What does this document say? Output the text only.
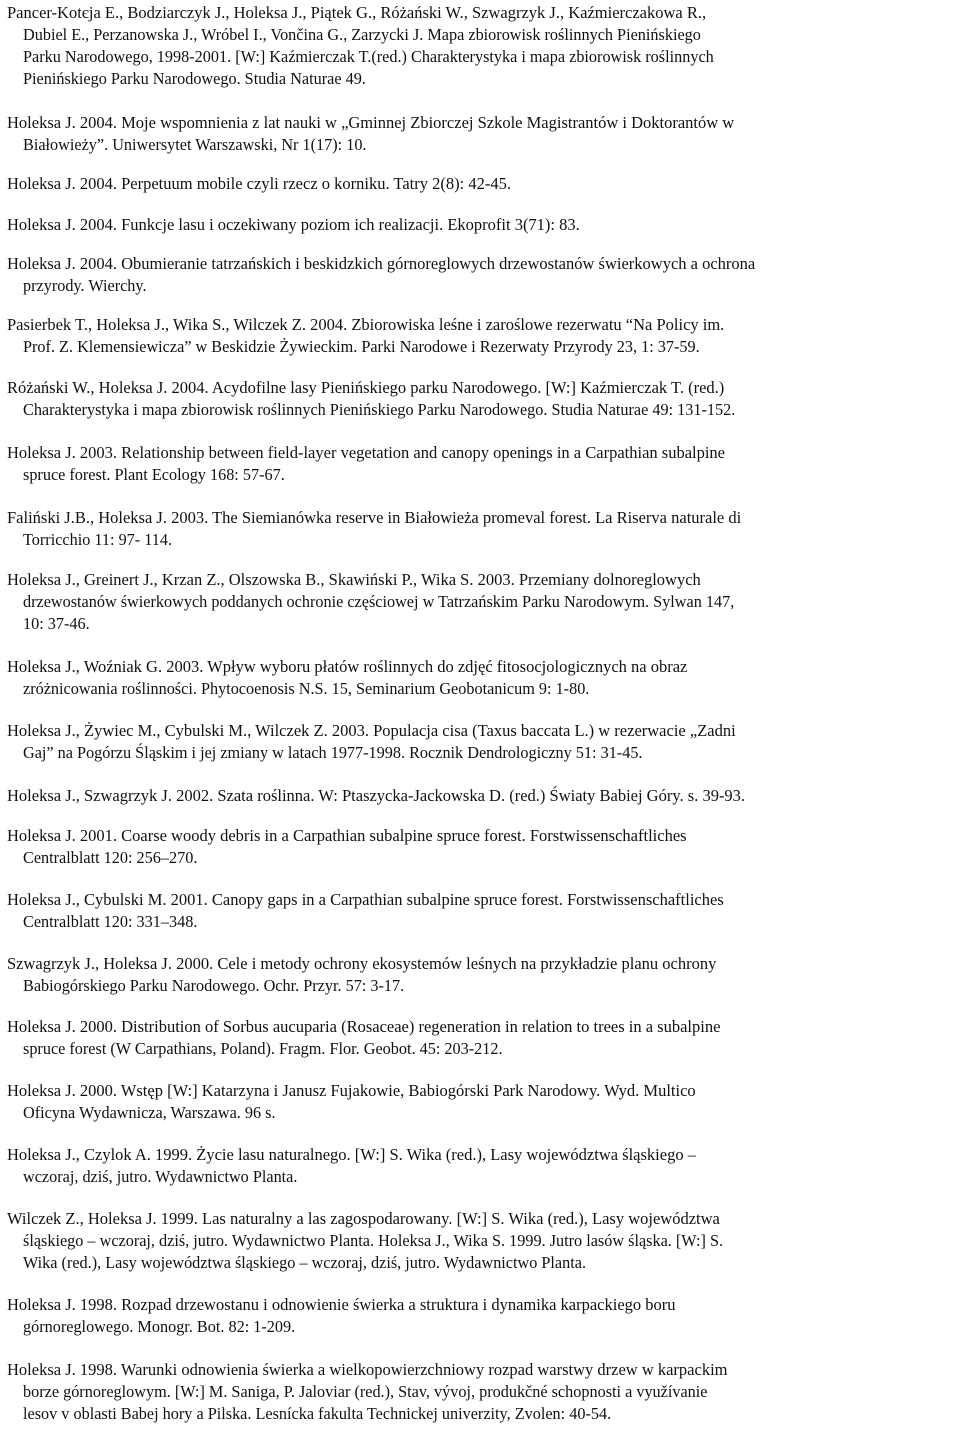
Pancer-Kotєja E., Bodziarczyk J., Holeksa J., Piątek G., Różański W., Szwagrzyk J., Kaźmierczakowa R.,
Dubiel E., Perzanowska J., Wróbel I., Vončina G., Zarzycki J. Mapa zbiorowisk roślinnych Pienińskiego
Parku Narodowego, 1998-2001. [W:] Kaźmierczak T.(red.) Charakterystyka i mapa zbiorowisk roślinnych
Pienińskiego Parku Narodowego. Studia Naturae 49.
Holeksa J. 2004. Moje wspomnienia z lat nauki w „Gminnej Zbiorczej Szkole Magistrantów i Doktorantów w
Białowieży”. Uniwersytet Warszawski, Nr 1(17): 10.
Holeksa J. 2004. Perpetuum mobile czyli rzecz o korniku. Tatry 2(8): 42-45.
Holeksa J. 2004. Funkcje lasu i oczekiwany poziom ich realizacji. Ekoprofit 3(71): 83.
Holeksa J. 2004. Obumieranie tatrzańskich i beskidzkich górnoreglowych drzewostanów świerkowych a ochrona
przyrody. Wierchy.
Pasierbek T., Holeksa J., Wika S., Wilczek Z. 2004. Zbiorowiska leśne i zaroślowe rezerwatu “Na Policy im.
Prof. Z. Klemensiewicza” w Beskidzie Żywieckim. Parki Narodowe i Rezerwaty Przyrody 23, 1: 37-59.
Różański W., Holeksa J. 2004. Acydofilne lasy Pienińskiego parku Narodowego. [W:] Kaźmierczak T. (red.)
Charakterystyka i mapa zbiorowisk roślinnych Pienińskiego Parku Narodowego. Studia Naturae 49: 131-152.
Holeksa J. 2003. Relationship between field-layer vegetation and canopy openings in a Carpathian subalpine
spruce forest. Plant Ecology 168: 57-67.
Faliński J.B., Holeksa J. 2003. The Siemianówka reserve in Białowieża promeval forest. La Riserva naturale di
Torricchio 11: 97- 114.
Holeksa J., Greinert J., Krzan Z., Olszowska B., Skawiński P., Wika S. 2003. Przemiany dolnoreglowych
drzewostanów świerkowych poddanych ochronie częściowej w Tatrzańskim Parku Narodowym. Sylwan 147,
10: 37-46.
Holeksa J., Woźniak G. 2003. Wpływ wyboru płatów roślinnych do zdjęć fitosocjologicznych na obraz
zróżnicowania roślinności. Phytocoenosis N.S. 15, Seminarium Geobotanicum 9: 1-80.
Holeksa J., Żywiec M., Cybulski M., Wilczek Z. 2003. Populacja cisa (Taxus baccata L.) w rezerwacie „Zadni
Gaj” na Pogórzu Śląskim i jej zmiany w latach 1977-1998. Rocznik Dendrologiczny 51: 31-45.
Holeksa J., Szwagrzyk J. 2002. Szata roślinna. W: Ptaszycka-Jackowska D. (red.) Światy Babiej Góry. s. 39-93.
Holeksa J. 2001. Coarse woody debris in a Carpathian subalpine spruce forest. Forstwissenschaftliches
Centralblatt 120: 256–270.
Holeksa J., Cybulski M. 2001. Canopy gaps in a Carpathian subalpine spruce forest. Forstwissenschaftliches
Centralblatt 120: 331–348.
Szwagrzyk J., Holeksa J. 2000. Cele i metody ochrony ekosystemów leśnych na przykładzie planu ochrony
Babiogórskiego Parku Narodowego. Ochr. Przyr. 57: 3-17.
Holeksa J. 2000. Distribution of Sorbus aucuparia (Rosaceae) regeneration in relation to trees in a subalpine
spruce forest (W Carpathians, Poland). Fragm. Flor. Geobot. 45: 203-212.
Holeksa J. 2000. Wstęp [W:] Katarzyna i Janusz Fujakowie, Babiogórski Park Narodowy. Wyd. Multico
Oficyna Wydawnicza, Warszawa. 96 s.
Holeksa J., Czylok A. 1999. Życie lasu naturalnego. [W:] S. Wika (red.), Lasy województwa śląskiego –
wczoraj, dziś, jutro. Wydawnictwo Planta.
Wilczek Z., Holeksa J. 1999. Las naturalny a las zagospodarowany. [W:] S. Wika (red.), Lasy województwa
śląskiego – wczoraj, dziś, jutro. Wydawnictwo Planta. Holeksa J., Wika S. 1999. Jutro lasów śląska. [W:] S.
Wika (red.), Lasy województwa śląskiego – wczoraj, dziś, jutro. Wydawnictwo Planta.
Holeksa J. 1998. Rozpad drzewostanu i odnowienie świerka a struktura i dynamika karpackiego boru
górnoreglowego. Monogr. Bot. 82: 1-209.
Holeksa J. 1998. Warunki odnowienia świerka a wielkopowierzchniowy rozpad warstwy drzew w karpackim
borze górnoreglowym. [W:] M. Saniga, P. Jaloviar (red.), Stav, vývoj, produkčné schopnosti a využívanie
lesov v oblasti Babej hory a Pilska. Lesnícka fakulta Technickej univerzity, Zvolen: 40-54.
